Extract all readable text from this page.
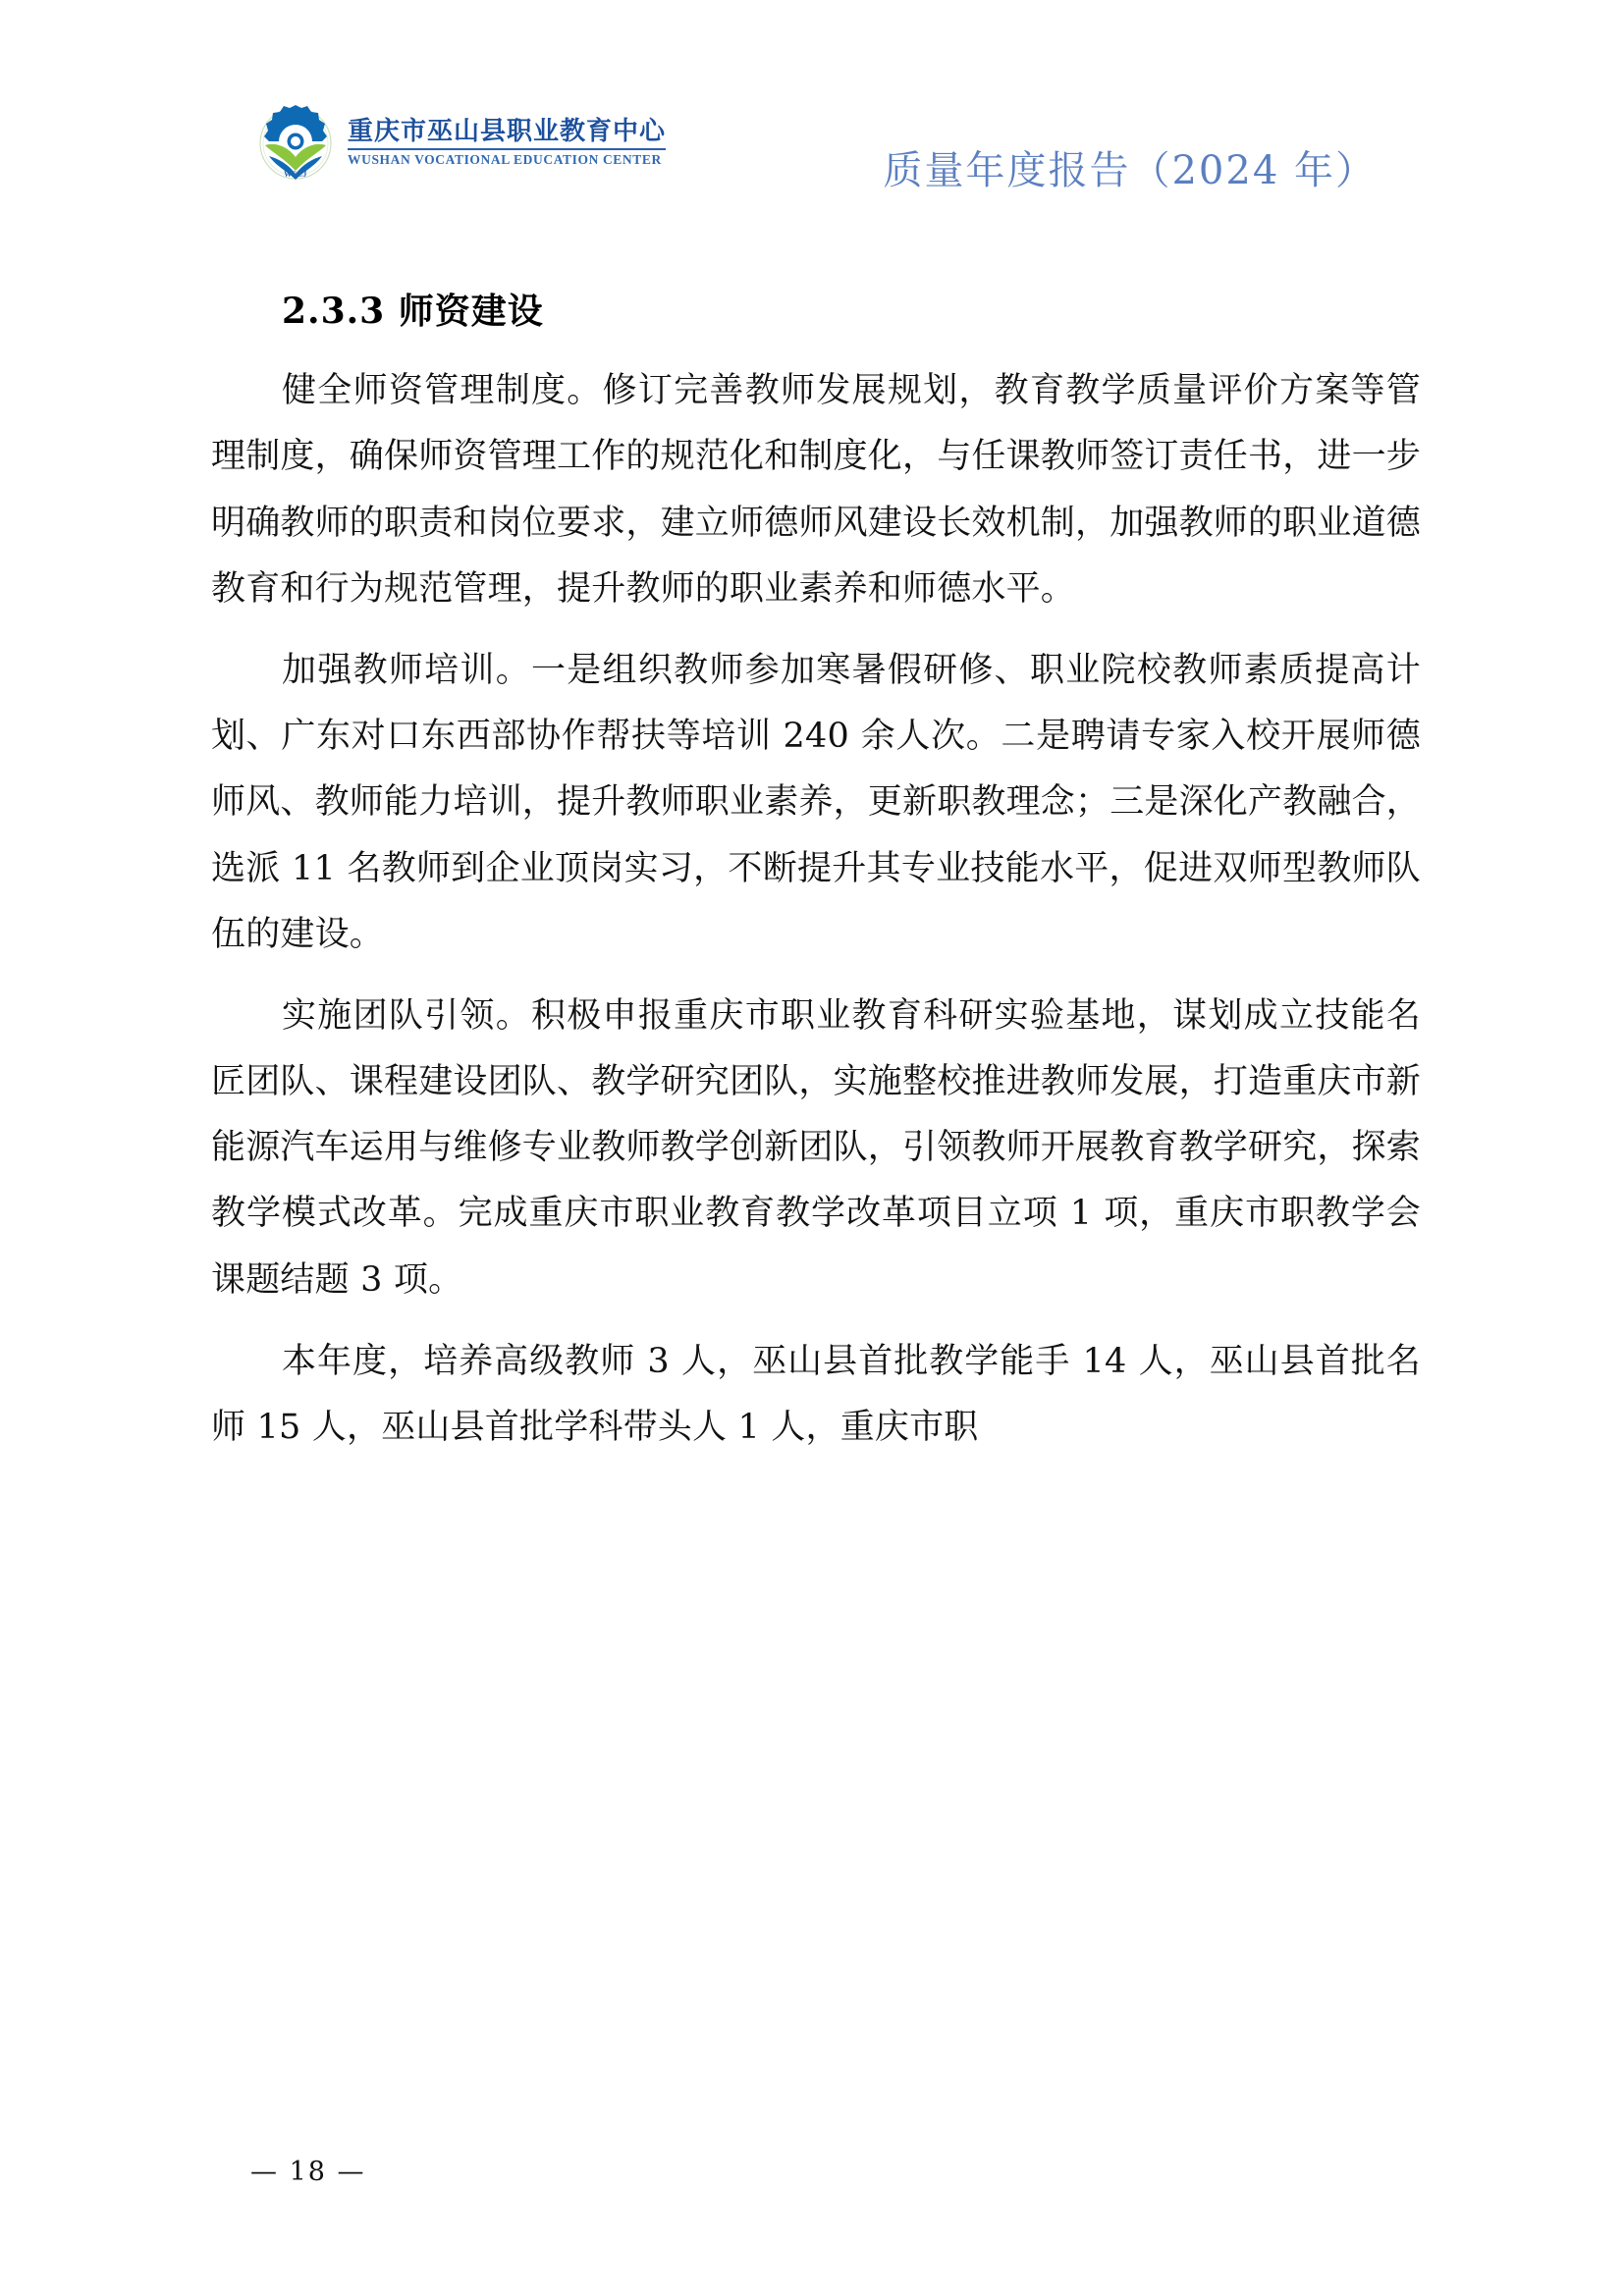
WSZJ
重庆市巫山县职业教育中心
WUSHAN VOCATIONAL EDUCATION CENTER	质量年度报告（2024 年）
2.3.3 师资建设

健全师资管理制度。修订完善教师发展规划，教育教学质量评价方案等管理制度，确保师资管理工作的规范化和制度化，与任课教师签订责任书，进一步明确教师的职责和岗位要求，建立师德师风建设长效机制，加强教师的职业道德教育和行为规范管理，提升教师的职业素养和师德水平。

加强教师培训。一是组织教师参加寒暑假研修、职业院校教师素质提高计划、广东对口东西部协作帮扶等培训 240 余人次。二是聘请专家入校开展师德师风、教师能力培训，提升教师职业素养，更新职教理念；三是深化产教融合，选派 11 名教师到企业顶岗实习，不断提升其专业技能水平，促进双师型教师队伍的建设。

实施团队引领。积极申报重庆市职业教育科研实验基地，谋划成立技能名匠团队、课程建设团队、教学研究团队，实施整校推进教师发展，打造重庆市新能源汽车运用与维修专业教师教学创新团队，引领教师开展教育教学研究，探索教学模式改革。完成重庆市职业教育教学改革项目立项 1 项，重庆市职教学会课题结题 3 项。

本年度，培养高级教师 3 人，巫山县首批教学能手 14 人，巫山县首批名师 15 人，巫山县首批学科带头人 1 人，重庆市职

— 18 —
